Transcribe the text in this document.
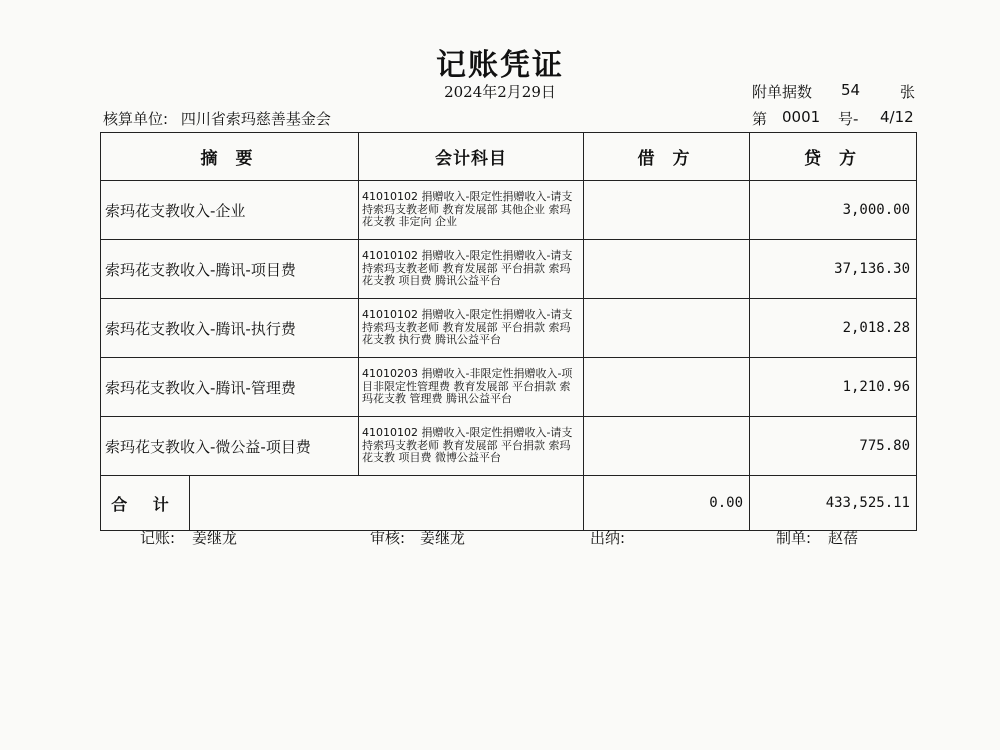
记账凭证
2024年2月29日	附单据数 54	张
核算单位: 四川省索玛慈善基金会	第 0001 号- 4/12
摘 要	会计科目	借 方	贷 方
索玛花支教收入-企业	41010102 捐赠收入-限定性捐赠收入-请支持索玛支教老师 教育发展部 其他企业 索玛花支教 非定向 企业		3,000.00
索玛花支教收入-腾讯-项目费	41010102 捐赠收入-限定性捐赠收入-请支持索玛支教老师 教育发展部 平台捐款 索玛花支教 项目费 腾讯公益平台		37,136.30
索玛花支教收入-腾讯-执行费	41010102 捐赠收入-限定性捐赠收入-请支持索玛支教老师 教育发展部 平台捐款 索玛花支教 执行费 腾讯公益平台		2,018.28
索玛花支教收入-腾讯-管理费	41010203 捐赠收入-非限定性捐赠收入-项目非限定性管理费 教育发展部 平台捐款 索玛花支教 管理费 腾讯公益平台		1,210.96
索玛花支教收入-微公益-项目费	41010102 捐赠收入-限定性捐赠收入-请支持索玛支教老师 教育发展部 平台捐款 索玛花支教 项目费 微博公益平台		775.80

合 计		0.00	433,525.11
记账: 姜继龙	审核: 姜继龙	出纳:	制单: 赵蓓
